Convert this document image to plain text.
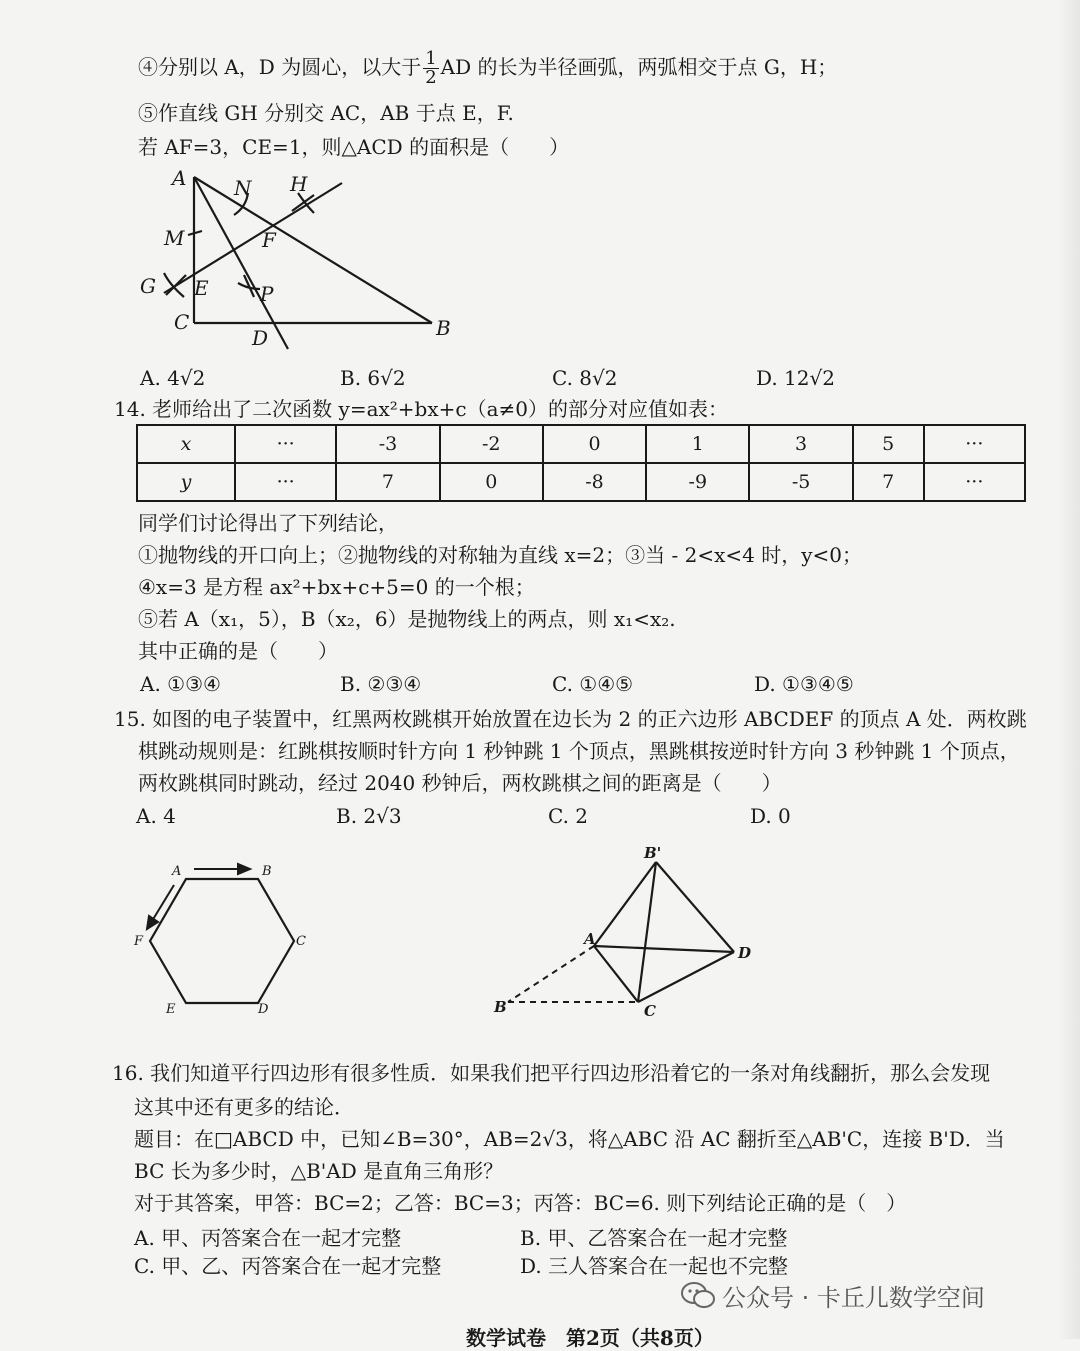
④分别以 A，D 为圆心，以大于 $\frac{1}{2}$ AD 的长为半径画弧，两弧相交于点 G，H；
⑤作直线 GH 分别交 AC，AB 于点 E，F.
若 AF=3，CE=1，则△ACD 的面积是（　　）
A N H
M	F
G E	P
C
D	B
A. 4√2	B. 6√2	C. 8√2	D. 12√2
14. 老师给出了二次函数 y=ax²+bx+c（a≠0）的部分对应值如表：
x	···	-3	-2	0	1	3	5	···
y	···	7	0	-8	-9	-5	7	···
同学们讨论得出了下列结论，
①抛物线的开口向上；②抛物线的对称轴为直线 x=2；③当 - 2<x<4 时，y<0；
④x=3 是方程 ax²+bx+c+5=0 的一个根；
⑤若 A（x₁，5），B（x₂，6）是抛物线上的两点，则 x₁<x₂.
其中正确的是（　　）
A. ①③④	B. ②③④	C. ①④⑤	D. ①③④⑤
15. 如图的电子装置中，红黑两枚跳棋开始放置在边长为 2 的正六边形 ABCDEF 的顶点 A 处．两枚跳
棋跳动规则是：红跳棋按顺时针方向 1 秒钟跳 1 个顶点，黑跳棋按逆时针方向 3 秒钟跳 1 个顶点，
两枚跳棋同时跳动，经过 2040 秒钟后，两枚跳棋之间的距离是（　　）
A. 4	B. 2√3	C. 2	D. 0
A	B
C
D
E
F
B'
A
D
B	C
16. 我们知道平行四边形有很多性质．如果我们把平行四边形沿着它的一条对角线翻折，那么会发现
这其中还有更多的结论．
题目：在□ABCD 中，已知∠B=30°，AB=2√3，将△ABC 沿 AC 翻折至△AB'C，连接 B'D．当
BC 长为多少时，△B'AD 是直角三角形？
对于其答案，甲答：BC=2；乙答：BC=3；丙答：BC=6. 则下列结论正确的是（　）
A. 甲、丙答案合在一起才完整	B. 甲、乙答案合在一起才完整
C. 甲、乙、丙答案合在一起才完整	D. 三人答案合在一起也不完整
公众号 · 卡丘儿数学空间
数学试卷　第2页（共8页）
